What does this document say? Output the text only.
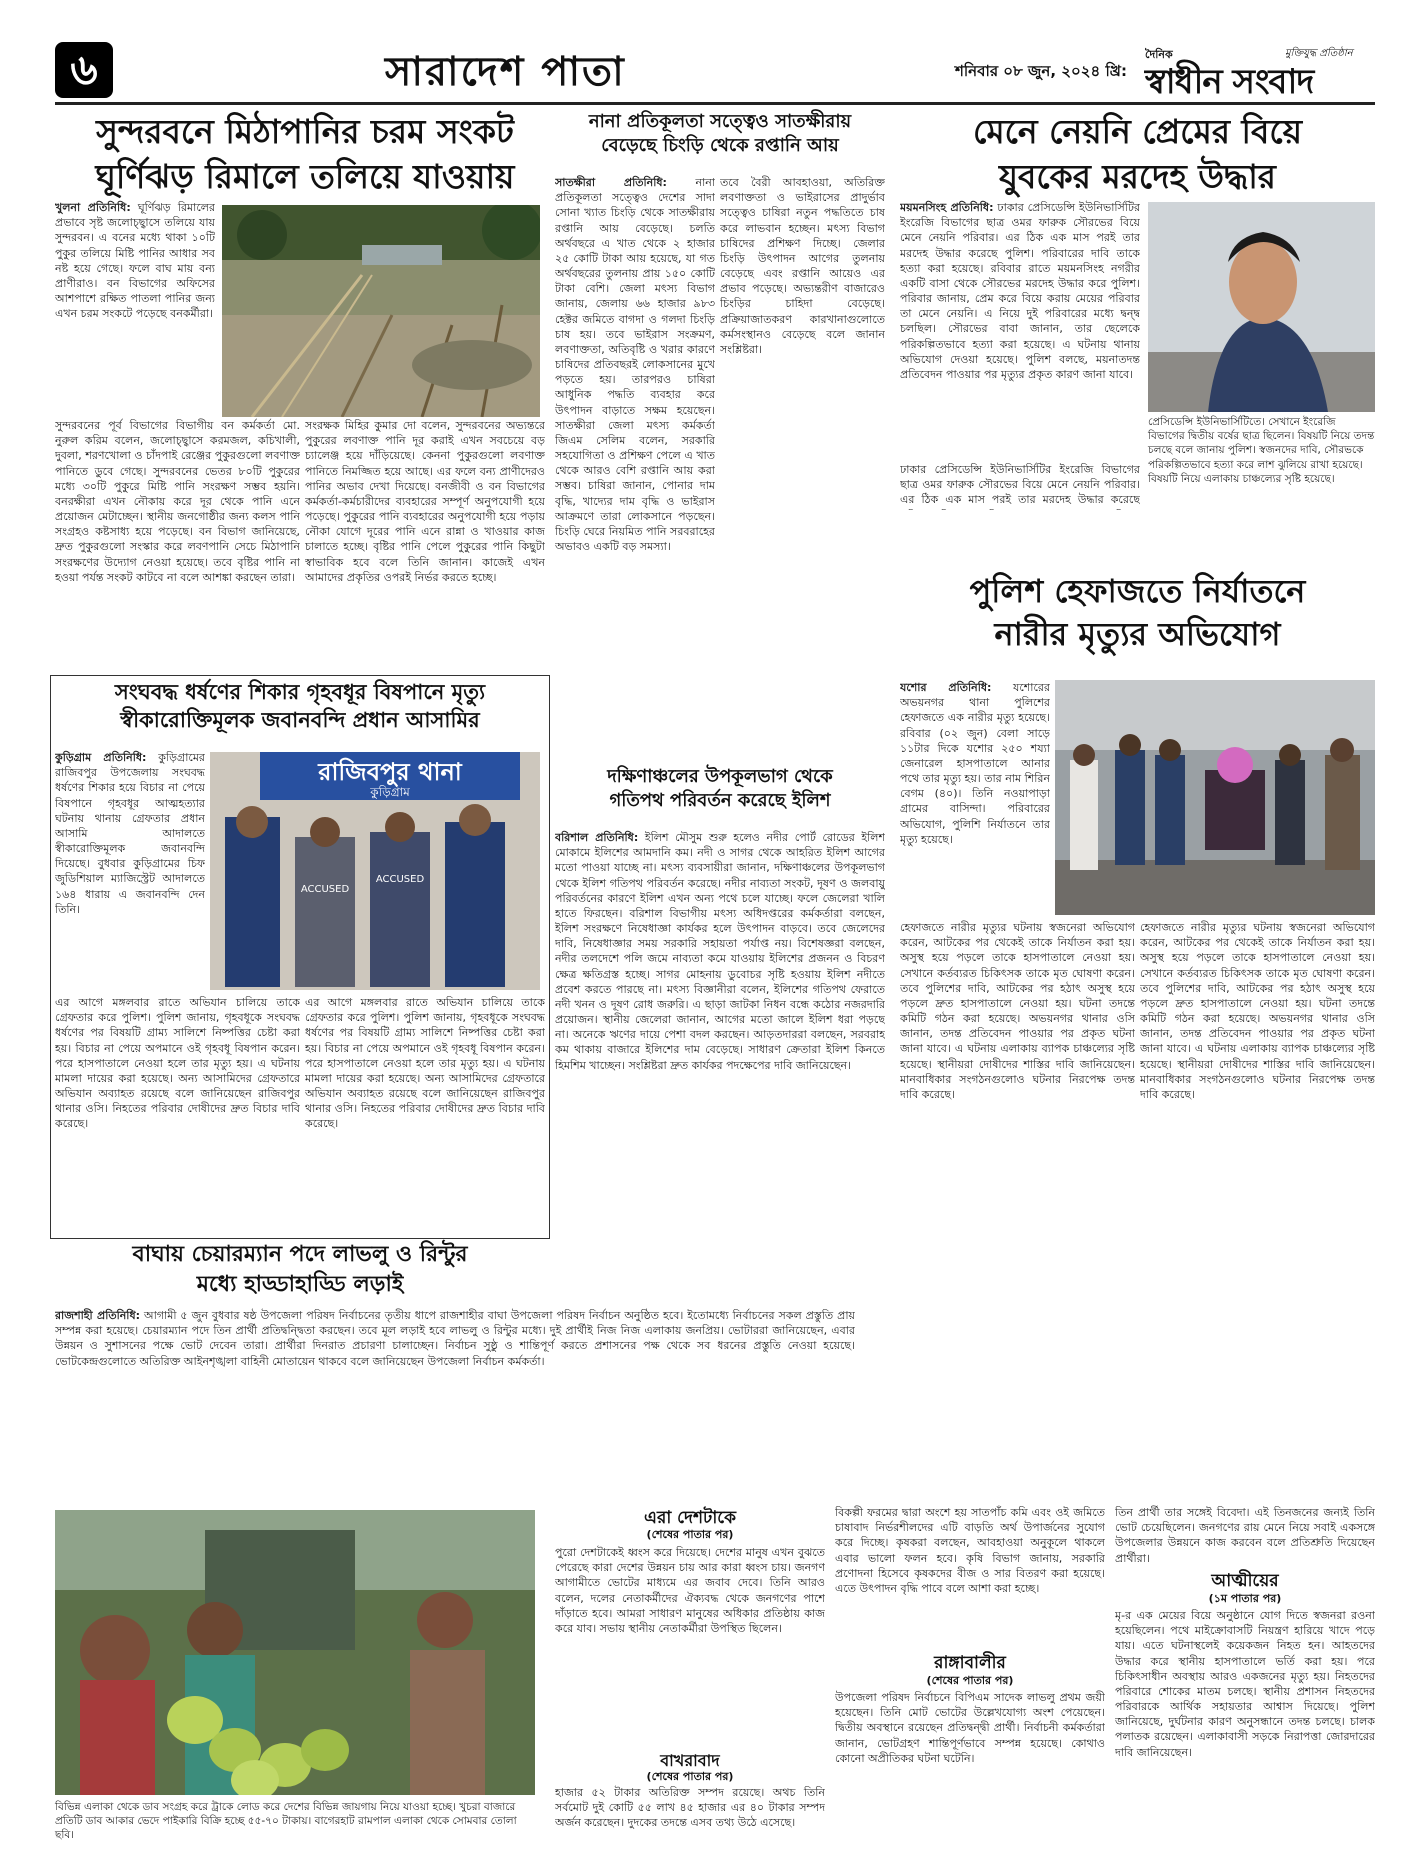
৬	সারাদেশ পাতা	শনিবার ০৮ জুন, ২০২৪ খ্রি:
দৈনিক	মুক্তিযুদ্ধ প্রতিষ্ঠান
স্বাধীন সংবাদ
সুন্দরবনে মিঠাপানির চরম সংকট
ঘূর্ণিঝড় রিমালে তলিয়ে যাওয়ায়
খুলনা প্রতিনিধি: ঘূর্ণিঝড় রিমালের প্রভাবে সৃষ্ট জলোচ্ছ্বাসে তলিয়ে যায় সুন্দরবন। এ বনের মধ্যে থাকা ১০টি পুকুর তলিয়ে মিষ্টি পানির আধার সব নষ্ট হয়ে গেছে। ফলে বাঘ মায় বন্য প্রাণীরাও। বন বিভাগের অফিসের আশপাশে রক্ষিত পাতলা পানির জন্য এখন চরম সংকটে পড়েছে বনকর্মীরা।
সুন্দরবনের পূর্ব বিভাগের বিভাগীয় বন কর্মকর্তা মো. নুরুল করিম বলেন, জলোচ্ছ্বাসে করমজল, কচিখালী, দুবলা, শরণখোলা ও চাঁদপাই রেঞ্জের পুকুরগুলো লবণাক্ত পানিতে ডুবে গেছে। সুন্দরবনের ভেতর ৮০টি পুকুরের মধ্যে ৩০টি পুকুরে মিষ্টি পানি সংরক্ষণ সম্ভব হয়নি। বনরক্ষীরা এখন নৌকায় করে দূর থেকে পানি এনে প্রয়োজন মেটাচ্ছেন। স্থানীয় জনগোষ্ঠীর জন্য কলস পানি সংগ্রহও কষ্টসাধ্য হয়ে পড়েছে। বন বিভাগ জানিয়েছে, দ্রুত পুকুরগুলো সংস্কার করে লবণপানি সেচে মিঠাপানি সংরক্ষণের উদ্যোগ নেওয়া হয়েছে। তবে বৃষ্টির পানি না হওয়া পর্যন্ত সংকট কাটবে না বলে আশঙ্কা করছেন তারা।
সংরক্ষক মিহির কুমার দো বলেন, সুন্দরবনের অভ্যন্তরে পুকুরের লবণাক্ত পানি দূর করাই এখন সবচেয়ে বড় চ্যালেঞ্জ হয়ে দাঁড়িয়েছে। কেননা পুকুরগুলো লবণাক্ত পানিতে নিমজ্জিত হয়ে আছে। এর ফলে বন্য প্রাণীদেরও পানির অভাব দেখা দিয়েছে। বনজীবী ও বন বিভাগের কর্মকর্তা-কর্মচারীদের ব্যবহারের সম্পূর্ণ অনুপযোগী হয়ে পড়েছে। পুকুরের পানি ব্যবহারের অনুপযোগী হয়ে পড়ায় নৌকা যোগে দূরের পানি এনে রান্না ও খাওয়ার কাজ চালাতে হচ্ছে। বৃষ্টির পানি পেলে পুকুরের পানি কিছুটা স্বাভাবিক হবে বলে তিনি জানান। কাজেই এখন আমাদের প্রকৃতির ওপরই নির্ভর করতে হচ্ছে।
সংঘবদ্ধ ধর্ষণের শিকার গৃহবধূর বিষপানে মৃত্যু
স্বীকারোক্তিমূলক জবানবন্দি প্রধান আসামির
কুড়িগ্রাম প্রতিনিধি: কুড়িগ্রামের রাজিবপুর উপজেলায় সংঘবদ্ধ ধর্ষণের শিকার হয়ে বিচার না পেয়ে বিষপানে গৃহবধূর আত্মহত্যার ঘটনায় থানায় গ্রেফতার প্রধান আসামি আদালতে স্বীকারোক্তিমূলক জবানবন্দি দিয়েছে। বুধবার কুড়িগ্রামের চিফ জুডিশিয়াল ম্যাজিস্ট্রেট আদালতে ১৬৪ ধারায় এ জবানবন্দি দেন তিনি।
রাজিবপুর থানা
কুড়িগ্রাম
ACCUSED
ACCUSED
এর আগে মঙ্গলবার রাতে অভিযান চালিয়ে তাকে গ্রেফতার করে পুলিশ। পুলিশ জানায়, গৃহবধূকে সংঘবদ্ধ ধর্ষণের পর বিষয়টি গ্রাম্য সালিশে নিষ্পত্তির চেষ্টা করা হয়। বিচার না পেয়ে অপমানে ওই গৃহবধূ বিষপান করেন। পরে হাসপাতালে নেওয়া হলে তার মৃত্যু হয়। এ ঘটনায় মামলা দায়ের করা হয়েছে। অন্য আসামিদের গ্রেফতারে অভিযান অব্যাহত রয়েছে বলে জানিয়েছেন রাজিবপুর থানার ওসি। নিহতের পরিবার দোষীদের দ্রুত বিচার দাবি করেছে।
এর আগে মঙ্গলবার রাতে অভিযান চালিয়ে তাকে গ্রেফতার করে পুলিশ। পুলিশ জানায়, গৃহবধূকে সংঘবদ্ধ ধর্ষণের পর বিষয়টি গ্রাম্য সালিশে নিষ্পত্তির চেষ্টা করা হয়। বিচার না পেয়ে অপমানে ওই গৃহবধূ বিষপান করেন। পরে হাসপাতালে নেওয়া হলে তার মৃত্যু হয়। এ ঘটনায় মামলা দায়ের করা হয়েছে। অন্য আসামিদের গ্রেফতারে অভিযান অব্যাহত রয়েছে বলে জানিয়েছেন রাজিবপুর থানার ওসি। নিহতের পরিবার দোষীদের দ্রুত বিচার দাবি করেছে।
বাঘায় চেয়ারম্যান পদে লাভলু ও রিন্টুর
মধ্যে হাড্ডাহাড্ডি লড়াই
রাজশাহী প্রতিনিধি: আগামী ৫ জুন বুধবার ষষ্ঠ উপজেলা পরিষদ নির্বাচনের তৃতীয় ধাপে রাজশাহীর বাঘা উপজেলা পরিষদ নির্বাচন অনুষ্ঠিত হবে। ইতোমধ্যে নির্বাচনের সকল প্রস্তুতি প্রায় সম্পন্ন করা হয়েছে। চেয়ারম্যান পদে তিন প্রার্থী প্রতিদ্বন্দ্বিতা করছেন। তবে মূল লড়াই হবে লাভলু ও রিন্টুর মধ্যে। দুই প্রার্থীই নিজ নিজ এলাকায় জনপ্রিয়। ভোটাররা জানিয়েছেন, এবার উন্নয়ন ও সুশাসনের পক্ষে ভোট দেবেন তারা। প্রার্থীরা দিনরাত প্রচারণা চালাচ্ছেন। নির্বাচন সুষ্ঠু ও শান্তিপূর্ণ করতে প্রশাসনের পক্ষ থেকে সব ধরনের প্রস্তুতি নেওয়া হয়েছে। ভোটকেন্দ্রগুলোতে অতিরিক্ত আইনশৃঙ্খলা বাহিনী মোতায়েন থাকবে বলে জানিয়েছেন উপজেলা নির্বাচন কর্মকর্তা।
বিভিন্ন এলাকা থেকে ডাব সংগ্রহ করে ট্রাকে লোড করে দেশের বিভিন্ন জায়গায় নিয়ে যাওয়া হচ্ছে। খুচরা বাজারে প্রতিটি ডাব আকার ভেদে পাইকারি বিক্রি হচ্ছে ৫৫-৭০ টাকায়। বাগেরহাট রামপাল এলাকা থেকে সোমবার তোলা ছবি।
নানা প্রতিকূলতা সত্ত্বেও সাতক্ষীরায়
বেড়েছে চিংড়ি থেকে রপ্তানি আয়
সাতক্ষীরা প্রতিনিধি:	নানা প্রতিকূলতা সত্ত্বেও দেশের সাদা সোনা খ্যাত চিংড়ি থেকে সাতক্ষীরায় রপ্তানি আয় বেড়েছে। চলতি অর্থবছরে এ খাত থেকে ২ হাজার ২৫ কোটি টাকা আয় হয়েছে, যা গত অর্থবছরের তুলনায় প্রায় ১৫০ কোটি টাকা বেশি। জেলা মৎস্য বিভাগ জানায়, জেলায় ৬৬ হাজার ৯৮৩ হেক্টর জমিতে বাগদা ও গলদা চিংড়ি চাষ হয়। তবে ভাইরাস সংক্রমণ, লবণাক্ততা, অতিবৃষ্টি ও খরার কারণে চাষিদের প্রতিবছরই লোকসানের মুখে পড়তে হয়। তারপরও চাষিরা আধুনিক পদ্ধতি ব্যবহার করে উৎপাদন বাড়াতে সক্ষম হয়েছেন। সাতক্ষীরা জেলা মৎস্য কর্মকর্তা জিএম সেলিম বলেন, সরকারি সহযোগিতা ও প্রশিক্ষণ পেলে এ খাত থেকে আরও বেশি রপ্তানি আয় করা সম্ভব। চাষিরা জানান, পোনার দাম বৃদ্ধি, খাদ্যের দাম বৃদ্ধি ও ভাইরাস আক্রমণে তারা লোকসানে পড়ছেন। চিংড়ি ঘেরে নিয়মিত পানি সরবরাহের অভাবও একটি বড় সমস্যা।
তবে বৈরী আবহাওয়া, অতিরিক্ত লবণাক্ততা ও ভাইরাসের প্রাদুর্ভাব সত্ত্বেও চাষিরা নতুন পদ্ধতিতে চাষ করে লাভবান হচ্ছেন। মৎস্য বিভাগ চাষিদের প্রশিক্ষণ দিচ্ছে। জেলার চিংড়ি উৎপাদন আগের তুলনায় বেড়েছে এবং রপ্তানি আয়েও এর প্রভাব পড়েছে। অভ্যন্তরীণ বাজারেও চিংড়ির চাহিদা বেড়েছে। প্রক্রিয়াজাতকরণ কারখানাগুলোতে কর্মসংস্থানও বেড়েছে বলে জানান সংশ্লিষ্টরা।
দক্ষিণাঞ্চলের উপকূলভাগ থেকে
গতিপথ পরিবর্তন করেছে ইলিশ
বরিশাল প্রতিনিধি: ইলিশ মৌসুম শুরু হলেও নদীর পোর্ট রোডের ইলিশ মোকামে ইলিশের আমদানি কম। নদী ও সাগর থেকে আহরিত ইলিশ আগের মতো পাওয়া যাচ্ছে না। মৎস্য ব্যবসায়ীরা জানান, দক্ষিণাঞ্চলের উপকূলভাগ থেকে ইলিশ গতিপথ পরিবর্তন করেছে। নদীর নাব্যতা সংকট, দূষণ ও জলবায়ু পরিবর্তনের কারণে ইলিশ এখন অন্য পথে চলে যাচ্ছে। ফলে জেলেরা খালি হাতে ফিরছেন। বরিশাল বিভাগীয় মৎস্য অধিদপ্তরের কর্মকর্তারা বলছেন, ইলিশ সংরক্ষণে নিষেধাজ্ঞা কার্যকর হলে উৎপাদন বাড়বে। তবে জেলেদের দাবি, নিষেধাজ্ঞার সময় সরকারি সহায়তা পর্যাপ্ত নয়। বিশেষজ্ঞরা বলছেন, নদীর তলদেশে পলি জমে নাব্যতা কমে যাওয়ায় ইলিশের প্রজনন ও বিচরণ ক্ষেত্র ক্ষতিগ্রস্ত হচ্ছে। সাগর মোহনায় ডুবোচর সৃষ্টি হওয়ায় ইলিশ নদীতে প্রবেশ করতে পারছে না। মৎস্য বিজ্ঞানীরা বলেন, ইলিশের গতিপথ ফেরাতে নদী খনন ও দূষণ রোধ জরুরি। এ ছাড়া জাটকা নিধন বন্ধে কঠোর নজরদারি প্রয়োজন। স্থানীয় জেলেরা জানান, আগের মতো জালে ইলিশ ধরা পড়ছে না। অনেকে ঋণের দায়ে পেশা বদল করছেন। আড়তদাররা বলছেন, সরবরাহ কম থাকায় বাজারে ইলিশের দাম বেড়েছে। সাধারণ ক্রেতারা ইলিশ কিনতে হিমশিম খাচ্ছেন। সংশ্লিষ্টরা দ্রুত কার্যকর পদক্ষেপের দাবি জানিয়েছেন।
এরা দেশটাকে
(শেষের পাতার পর)
পুরো দেশটাকেই ধ্বংস করে দিয়েছে। দেশের মানুষ এখন বুঝতে পেরেছে কারা দেশের উন্নয়ন চায় আর কারা ধ্বংস চায়। জনগণ আগামীতে ভোটের মাধ্যমে এর জবাব দেবে। তিনি আরও বলেন, দলের নেতাকর্মীদের ঐক্যবদ্ধ থেকে জনগণের পাশে দাঁড়াতে হবে। আমরা সাধারণ মানুষের অধিকার প্রতিষ্ঠায় কাজ করে যাব। সভায় স্থানীয় নেতাকর্মীরা উপস্থিত ছিলেন।
বাখরাবাদ
(শেষের পাতার পর)
হাজার ৫২ টাকার অতিরিক্ত সম্পদ রয়েছে। অথচ তিনি সর্বমোট দুই কোটি ৫৫ লাখ ৪৫ হাজার এর ৪০ টাকার সম্পদ অর্জন করেছেন। দুদকের তদন্তে এসব তথ্য উঠে এসেছে।
বিকল্পী ফরমের দ্বারা অংশে হয় সাতপাঁচ কমি এবং ওই জমিতে চাষাবাদ নির্ভরশীলদের এটি বাড়তি অর্থ উপার্জনের সুযোগ করে দিচ্ছে। কৃষকরা বলছেন, আবহাওয়া অনুকূলে থাকলে এবার ভালো ফলন হবে। কৃষি বিভাগ জানায়, সরকারি প্রণোদনা হিসেবে কৃষকদের বীজ ও সার বিতরণ করা হয়েছে। এতে উৎপাদন বৃদ্ধি পাবে বলে আশা করা হচ্ছে।
রাঙ্গাবালীর
(শেষের পাতার পর)
উপজেলা পরিষদ নির্বাচনে বিপিএম সাদেক লাভলু প্রথম জয়ী হয়েছেন। তিনি মোট ভোটের উল্লেখযোগ্য অংশ পেয়েছেন। দ্বিতীয় অবস্থানে রয়েছেন প্রতিদ্বন্দ্বী প্রার্থী। নির্বাচনী কর্মকর্তারা জানান, ভোটগ্রহণ শান্তিপূর্ণভাবে সম্পন্ন হয়েছে। কোথাও কোনো অপ্রীতিকর ঘটনা ঘটেনি।
তিন প্রার্থী তার সঙ্গেই বিবেদা। এই তিনজনের জন্যই তিনি ভোট চেয়েছিলেন। জনগণের রায় মেনে নিয়ে সবাই একসঙ্গে উপজেলার উন্নয়নে কাজ করবেন বলে প্রতিশ্রুতি দিয়েছেন প্রার্থীরা।
আত্মীয়ের
(১ম পাতার পর)
মৃ-র এক মেয়ের বিয়ে অনুষ্ঠানে যোগ দিতে স্বজনরা রওনা হয়েছিলেন। পথে মাইক্রোবাসটি নিয়ন্ত্রণ হারিয়ে খাদে পড়ে যায়। এতে ঘটনাস্থলেই কয়েকজন নিহত হন। আহতদের উদ্ধার করে স্থানীয় হাসপাতালে ভর্তি করা হয়। পরে চিকিৎসাধীন অবস্থায় আরও একজনের মৃত্যু হয়। নিহতদের পরিবারে শোকের মাতম চলছে। স্থানীয় প্রশাসন নিহতদের পরিবারকে আর্থিক সহায়তার আশ্বাস দিয়েছে। পুলিশ জানিয়েছে, দুর্ঘটনার কারণ অনুসন্ধানে তদন্ত চলছে। চালক পলাতক রয়েছেন। এলাকাবাসী সড়কে নিরাপত্তা জোরদারের দাবি জানিয়েছেন।
মেনে নেয়নি প্রেমের বিয়ে
যুবকের মরদেহ উদ্ধার
ময়মনসিংহ প্রতিনিধি: ঢাকার প্রেসিডেন্সি ইউনিভার্সিটির ইংরেজি বিভাগের ছাত্র ওমর ফারুক সৌরভের বিয়ে মেনে নেয়নি পরিবার। এর ঠিক এক মাস পরই তার মরদেহ উদ্ধার করেছে পুলিশ। পরিবারের দাবি তাকে হত্যা করা হয়েছে। রবিবার রাতে ময়মনসিংহ নগরীর একটি বাসা থেকে সৌরভের মরদেহ উদ্ধার করে পুলিশ। পরিবার জানায়, প্রেম করে বিয়ে করায় মেয়ের পরিবার তা মেনে নেয়নি। এ নিয়ে দুই পরিবারের মধ্যে দ্বন্দ্ব চলছিল। সৌরভের বাবা জানান, তার ছেলেকে পরিকল্পিতভাবে হত্যা করা হয়েছে। এ ঘটনায় থানায় অভিযোগ দেওয়া হয়েছে। পুলিশ বলছে, ময়নাতদন্ত প্রতিবেদন পাওয়ার পর মৃত্যুর প্রকৃত কারণ জানা যাবে।
প্রেসিডেন্সি ইউনিভার্সিটিতে। সেখানে ইংরেজি বিভাগের দ্বিতীয় বর্ষের ছাত্র ছিলেন। বিষয়টি নিয়ে তদন্ত চলছে বলে জানায় পুলিশ। স্বজনদের দাবি, সৌরভকে পরিকল্পিতভাবে হত্যা করে লাশ ঝুলিয়ে রাখা হয়েছে। বিষয়টি নিয়ে এলাকায় চাঞ্চল্যের সৃষ্টি হয়েছে।
ঢাকার প্রেসিডেন্সি ইউনিভার্সিটির ইংরেজি বিভাগের ছাত্র ওমর ফারুক সৌরভের বিয়ে মেনে নেয়নি পরিবার। এর ঠিক এক মাস পরই তার মরদেহ উদ্ধার করেছে
পুলিশ হেফাজতে নির্যাতনে
নারীর মৃত্যুর অভিযোগ
যশোর প্রতিনিধি: যশোরের অভয়নগর থানা পুলিশের হেফাজতে এক নারীর মৃত্যু হয়েছে। রবিবার (০২ জুন) বেলা সাড়ে ১১টার দিকে যশোর ২৫০ শয্যা জেনারেল হাসপাতালে আনার পথে তার মৃত্যু হয়। তার নাম শিরিন বেগম (৪০)। তিনি নওয়াপাড়া গ্রামের বাসিন্দা। পরিবারের অভিযোগ, পুলিশি নির্যাতনে তার মৃত্যু হয়েছে।
হেফাজতে নারীর মৃত্যুর ঘটনায় স্বজনেরা অভিযোগ করেন, আটকের পর থেকেই তাকে নির্যাতন করা হয়। অসুস্থ হয়ে পড়লে তাকে হাসপাতালে নেওয়া হয়। সেখানে কর্তব্যরত চিকিৎসক তাকে মৃত ঘোষণা করেন। তবে পুলিশের দাবি, আটকের পর হঠাৎ অসুস্থ হয়ে পড়লে দ্রুত হাসপাতালে নেওয়া হয়। ঘটনা তদন্তে কমিটি গঠন করা হয়েছে। অভয়নগর থানার ওসি জানান, তদন্ত প্রতিবেদন পাওয়ার পর প্রকৃত ঘটনা জানা যাবে। এ ঘটনায় এলাকায় ব্যাপক চাঞ্চল্যের সৃষ্টি হয়েছে। স্থানীয়রা দোষীদের শাস্তির দাবি জানিয়েছেন। মানবাধিকার সংগঠনগুলোও ঘটনার নিরপেক্ষ তদন্ত দাবি করেছে।
হেফাজতে নারীর মৃত্যুর ঘটনায় স্বজনেরা অভিযোগ করেন, আটকের পর থেকেই তাকে নির্যাতন করা হয়। অসুস্থ হয়ে পড়লে তাকে হাসপাতালে নেওয়া হয়। সেখানে কর্তব্যরত চিকিৎসক তাকে মৃত ঘোষণা করেন। তবে পুলিশের দাবি, আটকের পর হঠাৎ অসুস্থ হয়ে পড়লে দ্রুত হাসপাতালে নেওয়া হয়। ঘটনা তদন্তে কমিটি গঠন করা হয়েছে। অভয়নগর থানার ওসি জানান, তদন্ত প্রতিবেদন পাওয়ার পর প্রকৃত ঘটনা জানা যাবে। এ ঘটনায় এলাকায় ব্যাপক চাঞ্চল্যের সৃষ্টি হয়েছে। স্থানীয়রা দোষীদের শাস্তির দাবি জানিয়েছেন। মানবাধিকার সংগঠনগুলোও ঘটনার নিরপেক্ষ তদন্ত দাবি করেছে।
